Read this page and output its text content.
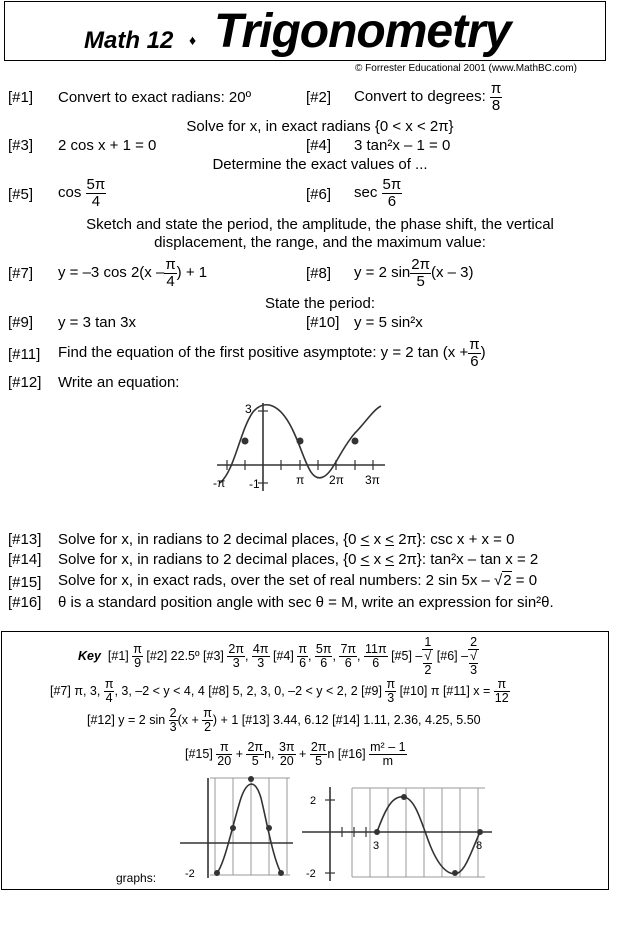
Math 12 ♦ Trigonometry
© Forrester Educational 2001 (www.MathBC.com)
[#1] Convert to exact radians: 20º	[#2] Convert to degrees: $\frac{\pi}{8}$
Solve for x, in exact radians {0 < x < 2π}
[#3] 2 cos x + 1 = 0	[#4] 3 tan²x – 1 = 0
Determine the exact values of ...
[#5] $\cos \frac{5\pi}{4}$	[#6] $\sec \frac{5\pi}{6}$
Sketch and state the period, the amplitude, the phase shift, the vertical
displacement, the range, and the maximum value:
[#7] y = –3 $\cos 2(x - \frac{\pi}{4}$ ) + 1	[#8] y = 2 $\sin \frac{2\pi}{5} (x - 3)$
State the period:
[#9] y = 3 tan 3x	[#10] y = 5 sin²x
[#11] Find the equation of the first positive asymptote: y = 2 $\tan (x + \frac{\pi}{6}$ )
[#12] Write an equation:
3
-1
-π	π 2π 3π
[#13] Solve for x, in radians to 2 decimal places, {0 ≤ x ≤ 2π}: csc x + x = 0
[#14] Solve for x, in radians to 2 decimal places, {0 ≤ x ≤ 2π}: tan²x – tan x = 2
[#15] Solve for x, in exact rads, over the set of real numbers: 2 sin 5x – √2 = 0
[#16] θ is a standard position angle with sec θ = M, write an expression for sin²θ.
Key [#1] $\frac{\pi}{9}$ [#2] 22.5º [#3] $\frac{2\pi}{3}$ , $\frac{4\pi}{3}$ [#4] $\frac{\pi}{6}$ , $\frac{5\pi}{6}$ , $\frac{7\pi}{6}$ , $\frac{11\pi}{6}$ [#5] – 1
√
2 [#6] – 2
√
3
[#7] π, 3, $\frac{\pi}{4}$ , 3, –2 < y < 4, 4 [#8] 5, 2, 3, 0, –2 < y < 2, 2 [#9] $\frac{\pi}{3}$ [#10] π [#11] $x = \frac{\pi}{12}$
[#12] y = 2 $\sin \frac{2}{3} (x + \frac{\pi}{2}$ ) + 1 [#13] 3.44, 6.12 [#14] 1.11, 2.36, 4.25, 5.50
[#15] $\frac{\pi}{20} + \frac{2\pi}{5} n$, $\frac{3\pi}{20} + \frac{2\pi}{5}$ n [#16] $\frac{\text{m² – 1}}{m}$
-2
2
-2
3	8
graphs:
